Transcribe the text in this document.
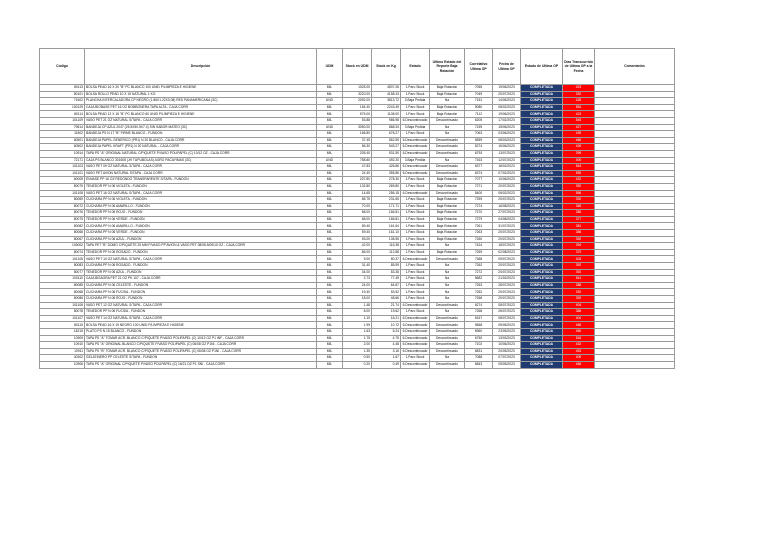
Código	Descripción	UDM	Stock en UDM	Stock en Kg	Estado	Ultimo Estado del Reporte Baja Rotación	Correlativo Ultima OP	Fecha de Ultima OP	Estado de Ultima OP	Días Transcurrido de Ultima OP a la Fecha	Comentarios
80113	BOLSA PEAD 16 X 20 "B" PC BLANCO 100 UNID P/LIMPIEZA E HIGIENE	MIL	1025.00	4507.26	1.Paro Stock	Baja Rotación	7055	19/06/2023	COMPLETADA	423	
80101	BOLSA ROLLO PEAD 10 X 15 NATURAL 1 KG	MIL	3220.00	4158.43	1.Paro Stock	Baja Rotación	7049	20/07/2023	COMPLETADA	392	
71602	PLANCHA INTERCALADORA CP NEGRO (1.86X1.22X0.08) RED PANAMERICANA (3C)	UND	2092.00	3813.72	3.Baja Pedida	Na	7151	14/06/2023	COMPLETADA	428	
100129	CAJA BIOBASE PET 16 OZ BOMBONERA TAPA ALTA - CAJA CORR	MIL	154.40	2243.49	1.Paro Stock	Baja Rotación	5080	08/02/2023	COMPLETADA	554	
80114	BOLSA PEAD 12 X 16 "B" PC BLANCO 60 UNID P/LIMPIEZA E HIGIENE	MIL	575.00	1108.00	1.Paro Stock	Baja Rotación	7112	19/06/2023	COMPLETADA	423	
101109	VASO PET 21 OZ NATURAL S/TAPA - CAJA CORR	MIL	53.88	986.98	6.Descontinuado	Descontinuado	6205	17/02/2023	COMPLETADA	545	
79614	BANDEJA CP AZUL 2047 (25.5X50.5X7.4) SIN SABOR MATEO (3C)	UND	3050.00	868.34	3.Baja Pedida	Na	7159	15/06/2023	COMPLETADA	427	
11502	BANDEJA PS N 17 "B" FIRME BLANCO - FUNDON	MIL	166.80	678.27	1.Paro Stock	Na	7063	03/06/2023	COMPLETADA	439	
60501	BANDEJA PAPEL GENERICO (PR1) N 20 BLANCO - CAJA CORR	MIL	37.45	562.55	6.Descontinuado	Descontinuado	5559	08/03/2023	COMPLETADA	466	
60502	BANDEJA PAPEL KRAFT (PR1) N 20 NATURAL - CAJA CORR	MIL	56.30	545.27	6.Descontinuado	Descontinuado	5274	16/06/2023	COMPLETADA	426	
10914	TAPA PS "A" ORIGINAL NATURAL C/PIQUETE P/VASO POLIPAPEL (C) 10/12 OZ - CAJA CORR	MIL	205.40	531.50	6.Descontinuado	Descontinuado	6793	13/07/2023	COMPLETADA	399	
72171	CAJA PS BLANCO 301608 (JH TUPUBOLAS) AGRO PACAYIMAS (3C)	UND	758.80	492.20	3.Baja Pedida	Na	7163	12/07/2023	COMPLETADA	400	
101103	VASO PET 09 OZ NATURAL S/TAPA - CAJA CORR	MIL	47.83	426.86	6.Descontinuado	Descontinuado	6377	18/02/2023	COMPLETADA	544	
101101	VASO PET AVION NATURAL S/TAPA - CAJA CORR	MIL	24.40	355.86	6.Descontinuado	Descontinuado	6374	07/02/2023	COMPLETADA	555	
60005	ENVASE PP 16 OZ REDONDO TRANSPARENTE S/TAPA - FUNDON	MIL	207.80	278.30	1.Paro Stock	Baja Rotación	7077	10/06/2023	COMPLETADA	432	
80079	TENEDOR PP N 06 VIOLETA - FUNDON	MIL	132.80	269.80	1.Paro Stock	Baja Rotación	7271	20/07/2023	COMPLETADA	392	
101108	VASO PET 16 OZ NATURAL S/TAPA - CAJA CORR	MIL	14.65	256.18	6.Descontinuado	Descontinuado	5400	06/02/2023	COMPLETADA	556	
80069	CUCHARA PP N 06 VIOLETA - FUNDON	MIL	85.75	231.65	1.Paro Stock	Baja Rotación	7259	20/07/2023	COMPLETADA	392	
80072	CUCHARA PP N 06 AMARILLO - FUNDON	MIL	70.00	171.71	1.Paro Stock	Baja Rotación	7274	16/08/2023	COMPLETADA	365	
80076	TENEDOR PP N 06 ROJO - FUNDON	MIL	68.00	166.81	1.Paro Stock	Baja Rotación	7270	27/07/2023	COMPLETADA	385	
80075	TENEDOR PP N 06 VERDE - FUNDON	MIL	68.00	166.81	1.Paro Stock	Baja Rotación	7279	04/08/2023	COMPLETADA	377	
80082	CUCHARA PP N 06 AMARILLO - FUNDON	MIL	59.40	161.64	1.Paro Stock	Baja Rotación	7261	31/07/2023	COMPLETADA	381	
80066	CUCHARA PP N 06 VERDE - FUNDON	MIL	59.40	161.10	1.Paro Stock	Baja Rotación	7263	20/07/2023	COMPLETADA	386	
80067	CUCHARA PP N 06 AZUL - FUNDON	MIL	53.00	135.55	1.Paro Stock	Baja Rotación	7260	20/07/2023	COMPLETADA	392	
103002	TAPA PET "B" DOMO C/PIQUETE 25 MM P/VASO PP AVION & VASO PET 08/08.5/09/10 OZ - CAJA CORR	MIL	42.00	116.38	1.Paro Stock	Na	7424	18/07/2023	COMPLETADA	394	
80074	TENEDOR PP N 06 ROSADO - FUNDON	MIL	86.00	112.88	1.Paro Stock	Baja Rotación	7269	02/08/2023	COMPLETADA	379	
101105	VASO PET 10 OZ NATURAL S/TAPA - CAJA CORR	MIL	9.00	80.37	6.Descontinuado	Descontinuado	7368	09/07/2023	COMPLETADA	403	
80083	CUCHARA PP N 06 ROSADO - FUNDON	MIL	31.40	85.59	1.Paro Stock	Na	7262	20/07/2023	COMPLETADA	392	
80077	TENEDOR PP N 06 AZUL - FUNDON	MIL	34.00	83.38	1.Paro Stock	Na	7272	20/07/2023	COMPLETADA	392	
100110	CAJA BISAGRA PET 21 OZ PK 107 - CAJA CORR	MIL	2.73	77.49	1.Paro Stock	Na	5682	21/02/2023	COMPLETADA	541	
80085	CUCHARA PP N 06 CELESTE - FUNDON	MIL	24.00	64.87	1.Paro Stock	Na	7263	28/07/2023	COMPLETADA	388	
80068	CUCHARA PP N 06 FUCSIA - FUNDON	MIL	19.40	53.52	1.Paro Stock	Na	7262	20/07/2023	COMPLETADA	392	
80086	CUCHARA PP N 06 ROJO - FUNDON	MIL	18.00	48.66	1.Paro Stock	Na	7266	20/07/2023	COMPLETADA	392	
101106	VASO PET 12 OZ NATURAL S/TAPA - CAJA CORR	MIL	1.48	21.74	6.Descontinuado	Descontinuado	6274	08/07/2023	COMPLETADA	404	
80078	TENEDOR PP N 06 FUCSIA - FUNDON	MIL	8.00	19.62	1.Paro Stock	Na	7268	26/07/2023	COMPLETADA	386	
101107	VASO PET 14 OZ NATURAL S/TAPA - CAJA CORR	MIL	1.10	16.21	6.Descontinuado	Descontinuado	6167	08/07/2023	COMPLETADA	404	
80115	BOLSA PEAD 16 X 19 NEGRO 100 UNID P/LIMPIEZA E HIGIENE	MIL	1.99	10.72	6.Descontinuado	Descontinuado	5568	05/05/2023	COMPLETADA	468	
18219	PLATO PS N 15 BLANCO - FUNDON	MIL	1.63	5.24	6.Descontinuado	Descontinuado	6960	23/05/2023	COMPLETADA	450	
10909	TAPA PS "A" TOMAR ACR. BLANCO C/PIQUETE P/VASO POLIPAPEL (C) 10/12 OZ P1 INF - CAJA CORR	MIL	1.75	4.75	6.Descontinuado	Descontinuado	6750	13/03/2023	COMPLETADA	516	
10910	TAPA PS "A" ORIGINAL BLANCO C/PIQUETE P/VASO POLIPAPEL (C) 06/08 OZ P1NI - CAJA CORR	MIL	2.00	4.48	6.Descontinuado	Descontinuado	7102	10/06/2023	COMPLETADA	432	
10911	TAPA PS "B" TOMAR ACR. BLANCO C/PIQUETE P/VASO POLIPAPEL (C) 06/08 OZ P1NI - CAJA CORR	MIL	1.35	3.16	6.Descontinuado	Descontinuado	6831	20/05/2023	COMPLETADA	453	
40302	GELATINERO PP CELESTE S/TAPA - FUNDON	MIL	0.50	1.67	1.Paro Stock	Na	7088	07/07/2023	COMPLETADA	405	
10906	TAPA PS "A" ORIGINAL C/PIQUETE P/VASO POLIPAPEL (C) 16/21 OZ P1 SNI - CAJA CORR	MIL	0.20	0.49	6.Descontinuado	Descontinuado	6843	05/05/2023	COMPLETADA	468	
